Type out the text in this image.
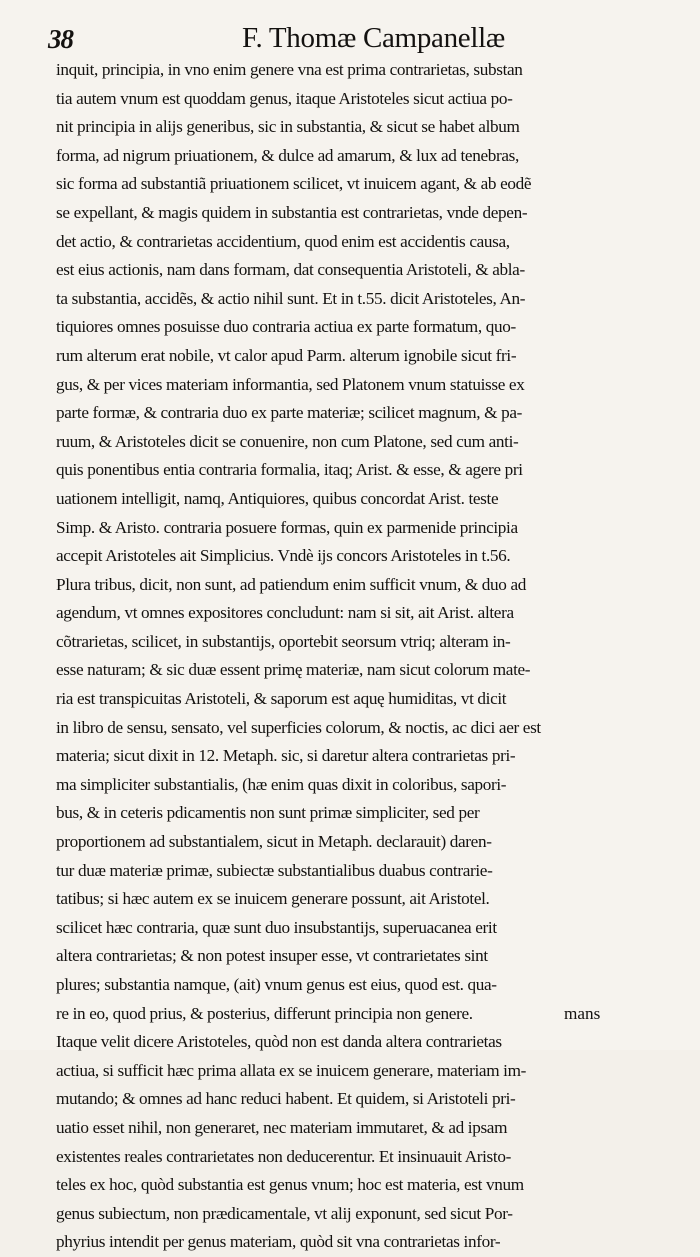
38	F. Thomæ Campanellæ
inquit, principia, in vno enim genere vna est prima contrarietas, substan
tia autem vnum est quoddam genus, itaque Aristoteles sicut actiua po-
nit principia in alijs generibus, sic in substantia, & sicut se habet album
forma, ad nigrum priuationem, & dulce ad amarum, & lux ad tenebras,
sic forma ad substantiã priuationem scilicet, vt inuicem agant, & ab eodẽ
se expellant, & magis quidem in substantia est contrarietas, vnde depen-
det actio, & contrarietas accidentium, quod enim est accidentis causa,
est eius actionis, nam dans formam, dat consequentia Aristoteli, & abla-
ta substantia, accidẽs, & actio nihil sunt. Et in t.55. dicit Aristoteles, An-
tiquiores omnes posuisse duo contraria actiua ex parte formatum, quo-
rum alterum erat nobile, vt calor apud Parm. alterum ignobile sicut fri-
gus, & per vices materiam informantia, sed Platonem vnum statuisse ex
parte formæ, & contraria duo ex parte materiæ; scilicet magnum, & pa-
ruum, & Aristoteles dicit se conuenire, non cum Platone, sed cum anti-
quis ponentibus entia contraria formalia, itaq; Arist. & esse, & agere pri
uationem intelligit, namq, Antiquiores, quibus concordat Arist. teste
Simp. & Aristo. contraria posuere formas, quin ex parmenide principia
accepit Aristoteles ait Simplicius. Vndè ijs concors Aristoteles in t.56.
Plura tribus, dicit, non sunt, ad patiendum enim sufficit vnum, & duo ad
agendum, vt omnes expositores concludunt: nam si sit, ait Arist. altera
cõtrarietas, scilicet, in substantijs, oportebit seorsum vtriq; alteram in-
esse naturam; & sic duæ essent primę materiæ, nam sicut colorum mate-
ria est transpicuitas Aristoteli, & saporum est aquę humiditas, vt dicit
in libro de sensu, sensato, vel superficies colorum, & noctis, ac dici aer est
materia; sicut dixit in 12. Metaph. sic, si daretur altera contrarietas pri-
ma simpliciter substantialis, (hæ enim quas dixit in coloribus, sapori-
bus, & in ceteris pdicamentis non sunt primæ simpliciter, sed per
proportionem ad substantialem, sicut in Metaph. declarauit) daren-
tur duæ materiæ primæ, subiectæ substantialibus duabus contrarie-
tatibus; si hæc autem ex se inuicem generare possunt, ait Aristotel.
scilicet hæc contraria, quæ sunt duo insubstantijs, superuacanea erit
altera contrarietas; & non potest insuper esse, vt contrarietates sint
plures; substantia namque, (ait) vnum genus est eius, quod est. qua-
re in eo, quod prius, & posterius, differunt principia non genere.
Itaque velit dicere Aristoteles, quòd non est danda altera contrarietas
actiua, si sufficit hæc prima allata ex se inuicem generare, materiam im-
mutando; & omnes ad hanc reduci habent. Et quidem, si Aristoteli pri-
uatio esset nihil, non generaret, nec materiam immutaret, & ad ipsam
existentes reales contrarietates non deducerentur. Et insinuauit Aristo-
teles ex hoc, quòd substantia est genus vnum; hoc est materia, est vnum
genus subiectum, non prædicamentale, vt alij exponunt, sed sicut Por-
phyrius intendit per genus materiam, quòd sit vna contrarietas infor-
mans
